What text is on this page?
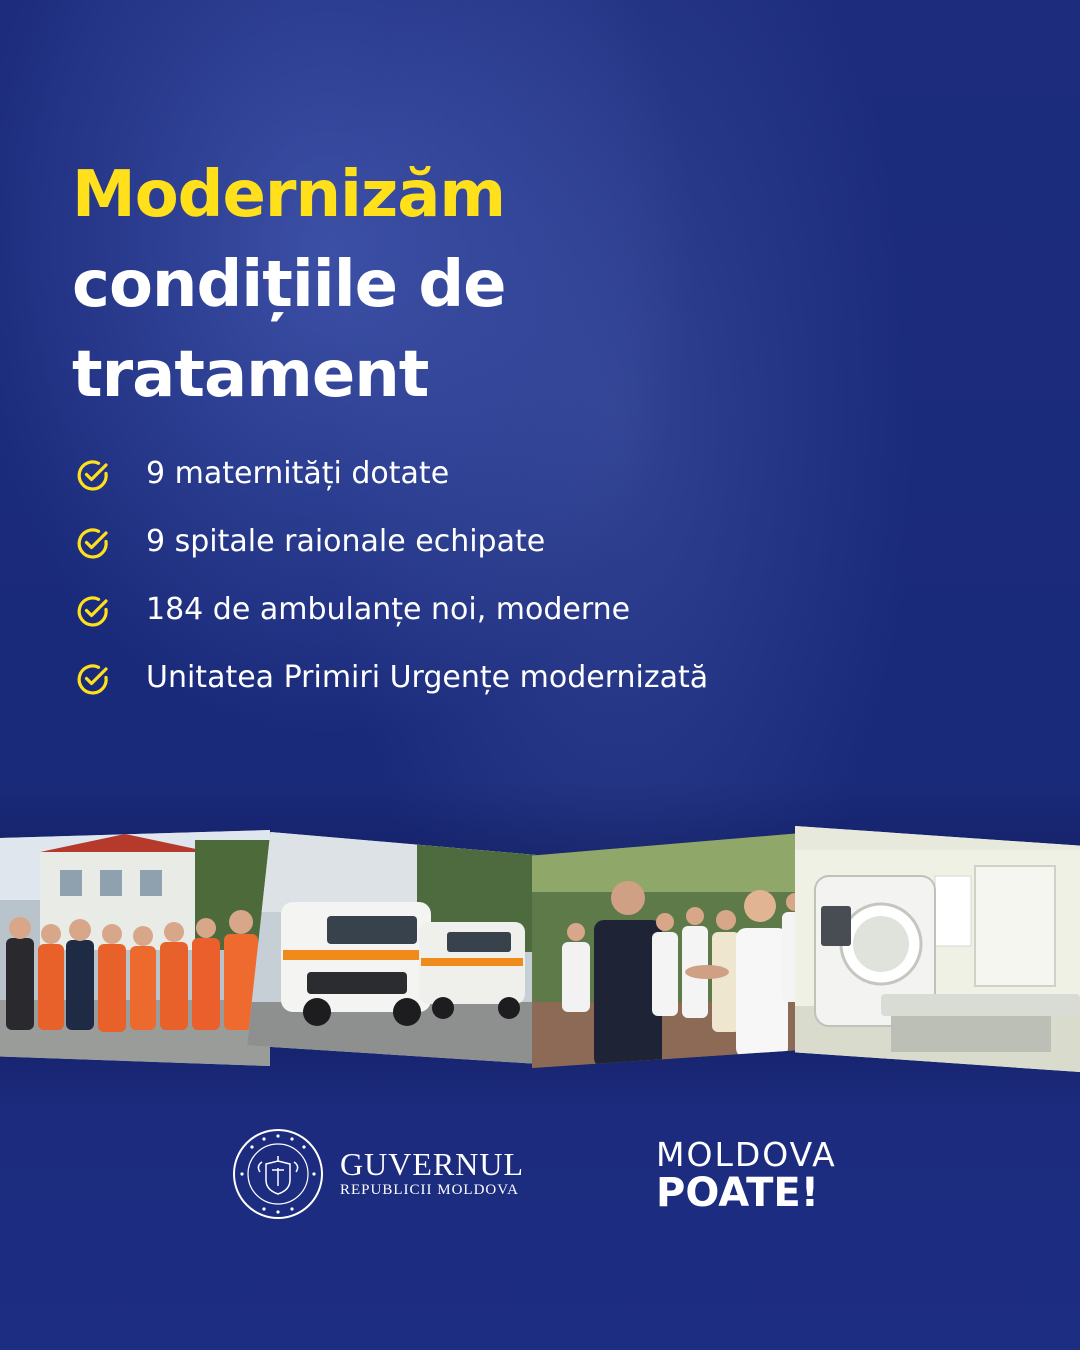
Modernizăm
condițiile de
tratament
9 maternități dotate
9 spitale raionale echipate
184 de ambulanțe noi, moderne
Unitatea Primiri Urgențe modernizată
GUVERNUL
REPUBLICII MOLDOVA
MOLDOVA
POATE!
